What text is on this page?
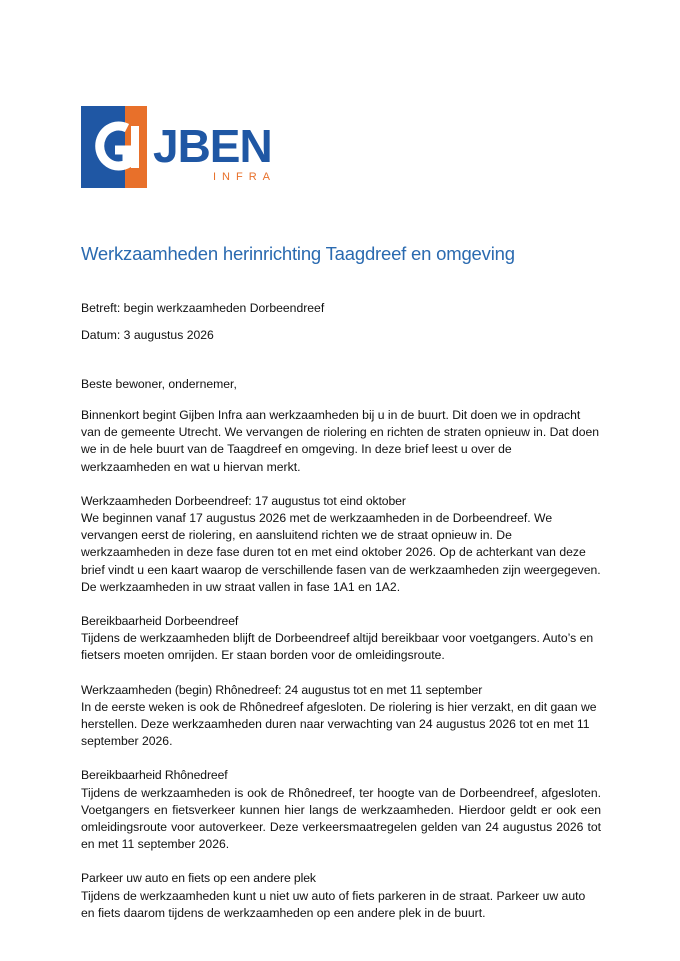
JBEN
INFRA
Werkzaamheden herinrichting Taagdreef en omgeving
Betreft: begin werkzaamheden Dorbeendreef
Datum: 3 augustus 2026
Beste bewoner, ondernemer,

Binnenkort begint Gijben Infra aan werkzaamheden bij u in de buurt. Dit doen we in opdracht van de gemeente Utrecht. We vervangen de riolering en richten de straten opnieuw in. Dat doen we in de hele buurt van de Taagdreef en omgeving. In deze brief leest u over de werkzaamheden en wat u hiervan merkt.

Werkzaamheden Dorbeendreef: 17 augustus tot eind oktober

We beginnen vanaf 17 augustus 2026 met de werkzaamheden in de Dorbeendreef. We vervangen eerst de riolering, en aansluitend richten we de straat opnieuw in. De werkzaamheden in deze fase duren tot en met eind oktober 2026. Op de achterkant van deze brief vindt u een kaart waarop de verschillende fasen van de werkzaamheden zijn weergegeven. De werkzaamheden in uw straat vallen in fase 1A1 en 1A2.

Bereikbaarheid Dorbeendreef

Tijdens de werkzaamheden blijft de Dorbeendreef altijd bereikbaar voor voetgangers. Auto’s en fietsers moeten omrijden. Er staan borden voor de omleidingsroute.

Werkzaamheden (begin) Rhônedreef: 24 augustus tot en met 11 september

In de eerste weken is ook de Rhônedreef afgesloten. De riolering is hier verzakt, en dit gaan we herstellen. Deze werkzaamheden duren naar verwachting van 24 augustus 2026 tot en met 11 september 2026.

Bereikbaarheid Rhônedreef

Tijdens de werkzaamheden is ook de Rhônedreef, ter hoogte van de Dorbeendreef, afgesloten. Voetgangers en fietsverkeer kunnen hier langs de werkzaamheden. Hierdoor geldt er ook een omleidingsroute voor autoverkeer. Deze verkeersmaatregelen gelden van 24 augustus 2026 tot en met 11 september 2026.

Parkeer uw auto en fiets op een andere plek

Tijdens de werkzaamheden kunt u niet uw auto of fiets parkeren in de straat. Parkeer uw auto en fiets daarom tijdens de werkzaamheden op een andere plek in de buurt.
